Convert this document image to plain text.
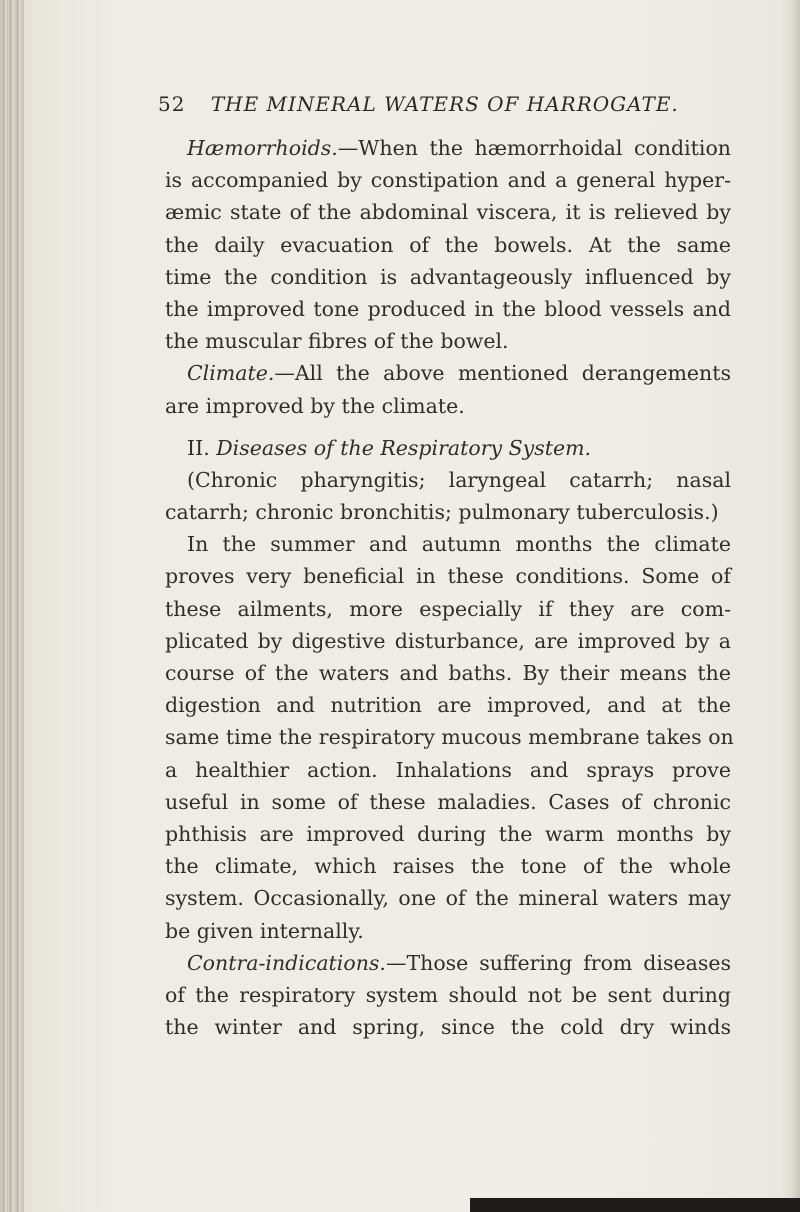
52 THE MINERAL WATERS OF HARROGATE.
Hæmorrhoids.—When the hæmorrhoidal condition
is accompanied by constipation and a general hyper-
æmic state of the abdominal viscera, it is relieved by
the daily evacuation of the bowels. At the same
time the condition is advantageously influenced by
the improved tone produced in the blood vessels and
the muscular fibres of the bowel.
Climate.—All the above mentioned derangements
are improved by the climate.
II. Diseases of the Respiratory System.
(Chronic pharyngitis; laryngeal catarrh; nasal
catarrh; chronic bronchitis; pulmonary tuberculosis.)
In the summer and autumn months the climate
proves very beneficial in these conditions. Some of
these ailments, more especially if they are com-
plicated by digestive disturbance, are improved by a
course of the waters and baths. By their means the
digestion and nutrition are improved, and at the
same time the respiratory mucous membrane takes on
a healthier action. Inhalations and sprays prove
useful in some of these maladies. Cases of chronic
phthisis are improved during the warm months by
the climate, which raises the tone of the whole
system. Occasionally, one of the mineral waters may
be given internally.
Contra-indications.—Those suffering from diseases
of the respiratory system should not be sent during
the winter and spring, since the cold dry winds
